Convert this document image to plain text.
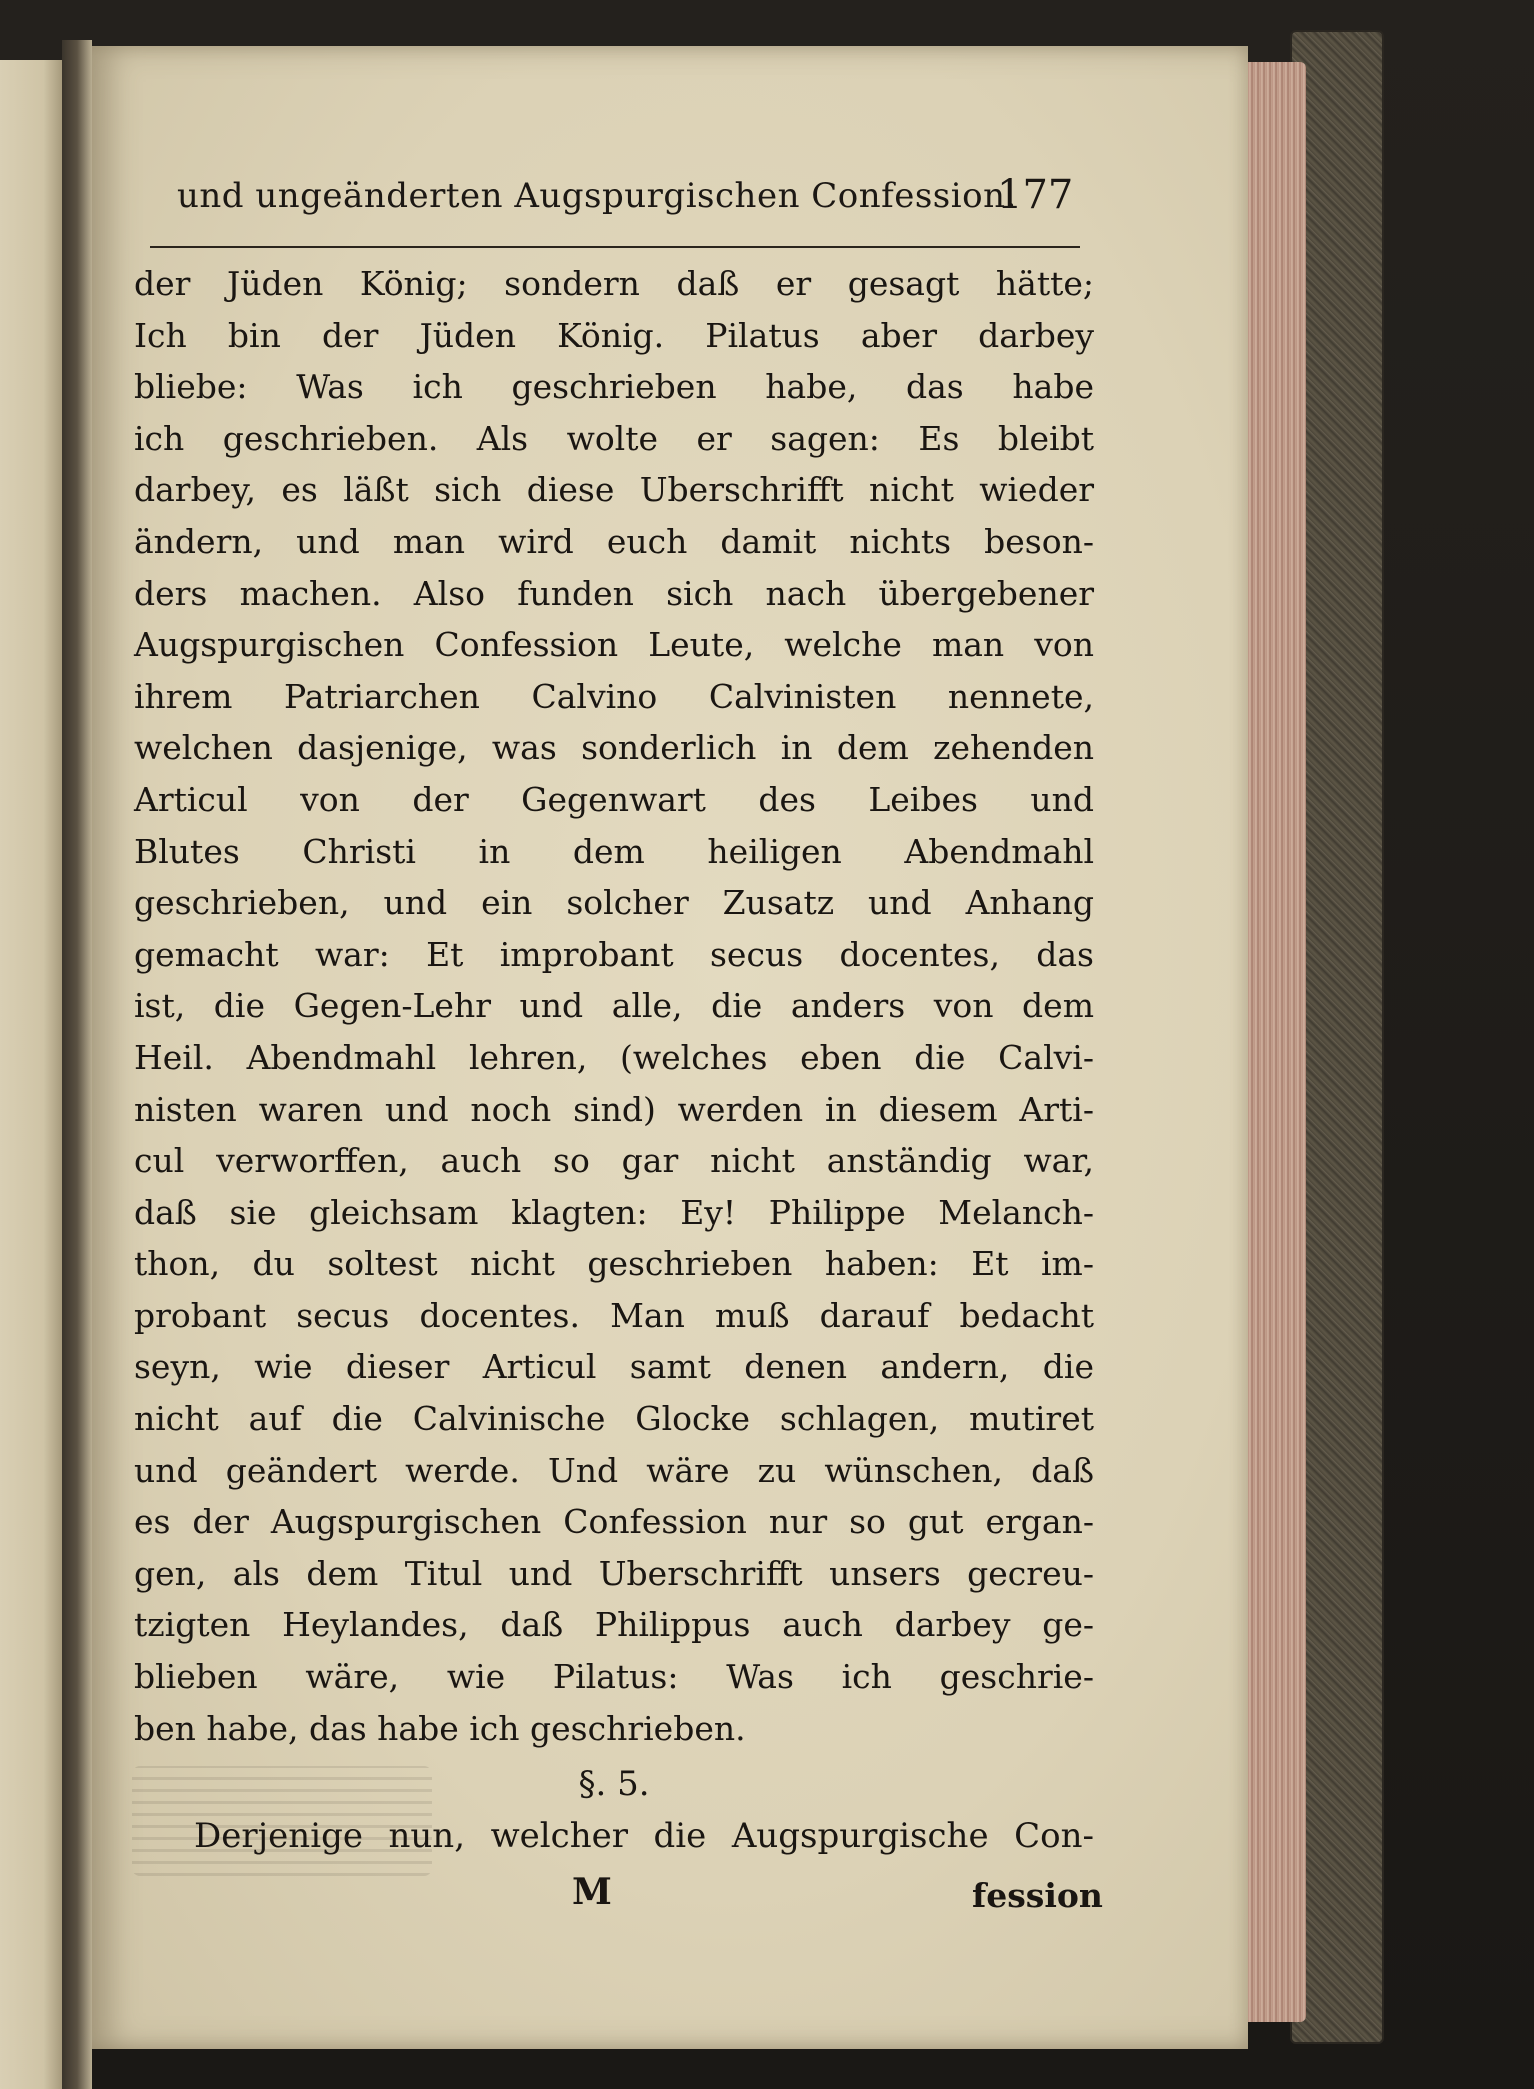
und ungeänderten Augspurgischen Confession.
177
der Jüden König; sondern daß er gesagt hätte;
Ich bin der Jüden König. Pilatus aber darbey
bliebe: Was ich geschrieben habe, das habe
ich geschrieben. Als wolte er sagen: Es bleibt
darbey, es läßt sich diese Uberschrifft nicht wieder
ändern, und man wird euch damit nichts beson-
ders machen. Also funden sich nach übergebener
Augspurgischen Confession Leute, welche man von
ihrem Patriarchen Calvino Calvinisten nennete,
welchen dasjenige, was sonderlich in dem zehenden
Articul von der Gegenwart des Leibes und
Blutes Christi in dem heiligen Abendmahl
geschrieben, und ein solcher Zusatz und Anhang
gemacht war: Et improbant secus docentes, das
ist, die Gegen-Lehr und alle, die anders von dem
Heil. Abendmahl lehren, (welches eben die Calvi-
nisten waren und noch sind) werden in diesem Arti-
cul verworffen, auch so gar nicht anständig war,
daß sie gleichsam klagten: Ey! Philippe Melanch-
thon, du soltest nicht geschrieben haben: Et im-
probant secus docentes. Man muß darauf bedacht
seyn, wie dieser Articul samt denen andern, die
nicht auf die Calvinische Glocke schlagen, mutiret
und geändert werde. Und wäre zu wünschen, daß
es der Augspurgischen Confession nur so gut ergan-
gen, als dem Titul und Uberschrifft unsers gecreu-
tzigten Heylandes, daß Philippus auch darbey ge-
blieben wäre, wie Pilatus: Was ich geschrie-
ben habe, das habe ich geschrieben.
§. 5.
Derjenige nun, welcher die Augspurgische Con-
M	fession
